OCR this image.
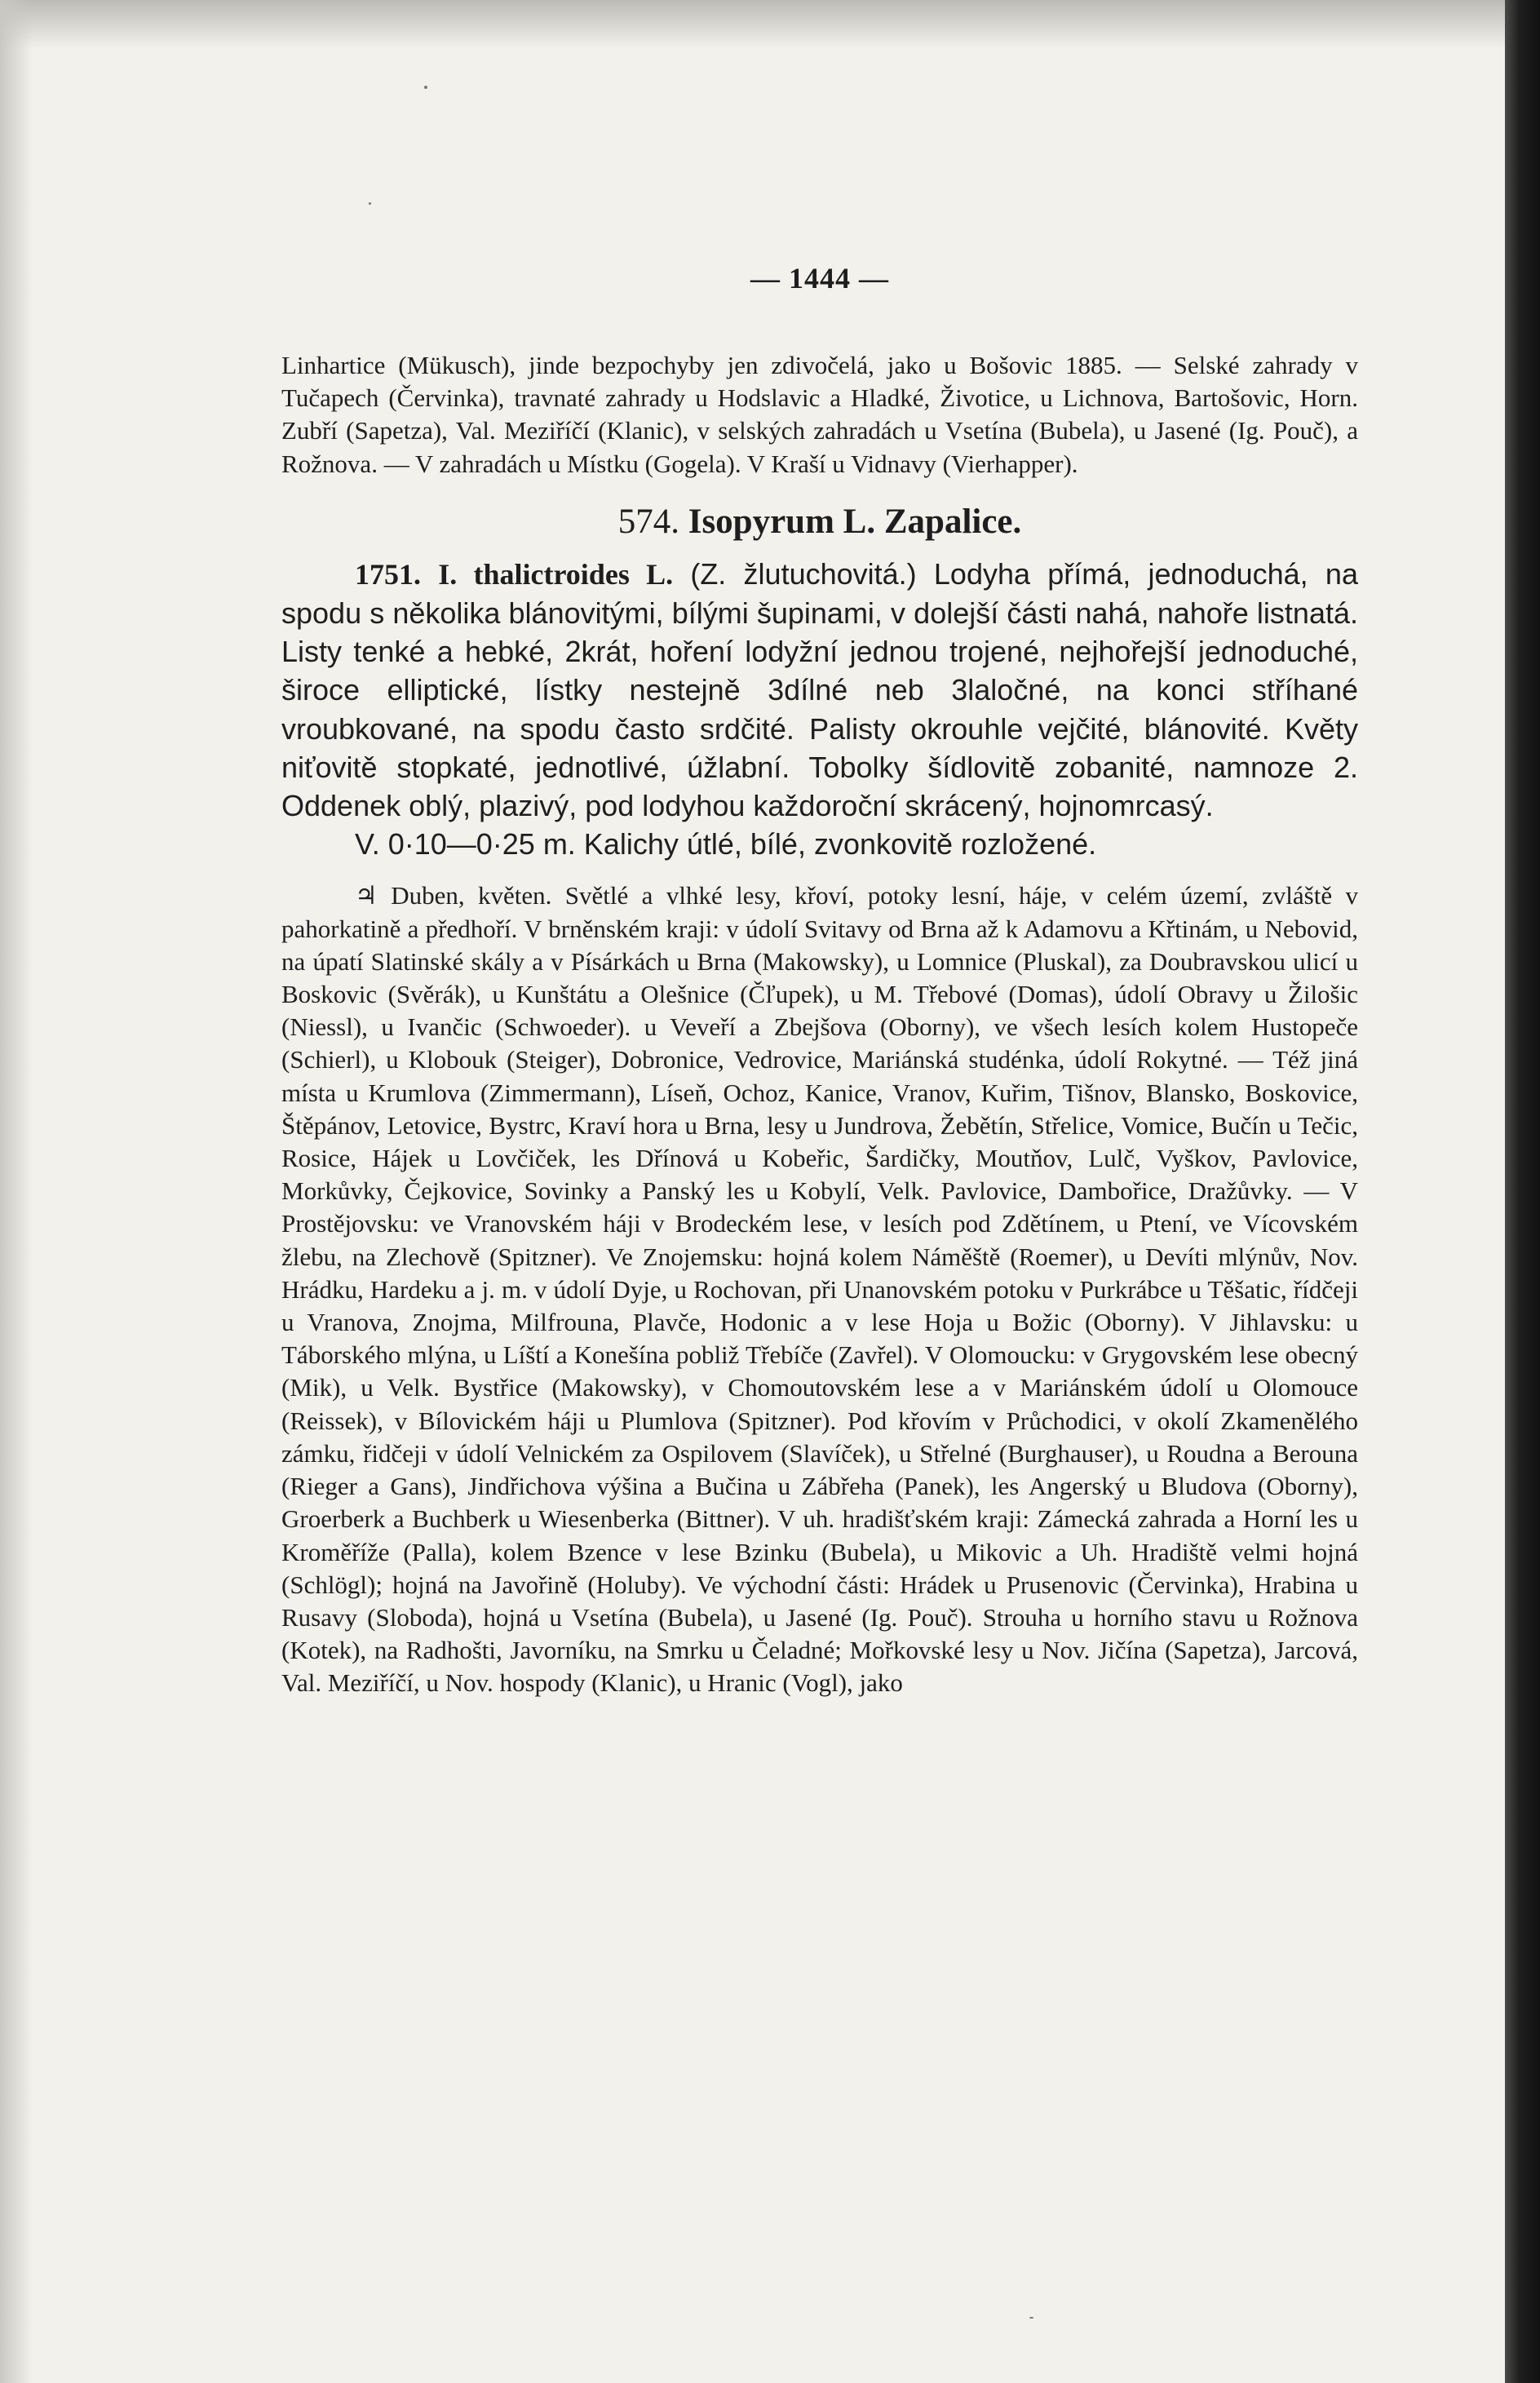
— 1444 —

Linhartice (Mükusch), jinde bezpochyby jen zdivočelá, jako u Bošovic 1885. — Selské zahrady v Tučapech (Červinka), travnaté zahrady u Hodslavic a Hladké, Životice, u Lichnova, Bartošovic, Horn. Zubří (Sapetza), Val. Meziříčí (Klanic), v selských zahradách u Vsetína (Bubela), u Jasené (Ig. Pouč), a Rožnova. — V zahradách u Místku (Gogela). V Kraší u Vidnavy (Vierhapper).

574. Isopyrum L. Zapalice.

1751. I. thalictroides L. (Z. žlutuchovitá.) Lodyha přímá, jednoduchá, na spodu s několika blánovitými, bílými šupinami, v dolejší části nahá, nahoře listnatá. Listy tenké a hebké, 2krát, hoření lodyžní jednou trojené, nejhořejší jednoduché, široce elliptické, lístky nestejně 3dílné neb 3laločné, na konci stříhané vroubkované, na spodu často srdčité. Palisty okrouhle vejčité, blánovité. Květy niťovitě stopkaté, jednotlivé, úžlabní. Tobolky šídlovitě zobanité, namnoze 2. Oddenek oblý, plazivý, pod lodyhou každoroční skrácený, hojnomrcasý.

V. 0·10—0·25 m. Kalichy útlé, bílé, zvonkovitě rozložené.

♃ Duben, květen. Světlé a vlhké lesy, křoví, potoky lesní, háje, v celém území, zvláště v pahorkatině a předhoří. V brněnském kraji: v údolí Svitavy od Brna až k Adamovu a Křtinám, u Nebovid, na úpatí Slatinské skály a v Písárkách u Brna (Makowsky), u Lomnice (Pluskal), za Doubravskou ulicí u Boskovic (Svěrák), u Kunštátu a Olešnice (Čľupek), u M. Třebové (Domas), údolí Obravy u Žilošic (Niessl), u Ivančic (Schwoeder). u Veveří a Zbejšova (Oborny), ve všech lesích kolem Hustopeče (Schierl), u Klobouk (Steiger), Dobronice, Vedrovice, Mariánská studénka, údolí Rokytné. — Též jiná místa u Krumlova (Zimmermann), Líseň, Ochoz, Kanice, Vranov, Kuřim, Tišnov, Blansko, Boskovice, Štěpánov, Letovice, Bystrc, Kraví hora u Brna, lesy u Jundrova, Žebětín, Střelice, Vomice, Bučín u Tečic, Rosice, Hájek u Lovčiček, les Dřínová u Kobeřic, Šardičky, Moutňov, Lulč, Vyškov, Pavlovice, Morkůvky, Čejkovice, Sovinky a Panský les u Kobylí, Velk. Pavlovice, Dambořice, Dražůvky. — V Prostějovsku: ve Vranovském háji v Brodeckém lese, v lesích pod Zdětínem, u Ptení, ve Vícovském žlebu, na Zlechově (Spitzner). Ve Znojemsku: hojná kolem Náměště (Roemer), u Devíti mlýnův, Nov. Hrádku, Hardeku a j. m. v údolí Dyje, u Rochovan, při Unanovském potoku v Purkrábce u Těšatic, řídčeji u Vranova, Znojma, Milfrouna, Plavče, Hodonic a v lese Hoja u Božic (Oborny). V Jihlavsku: u Táborského mlýna, u Líští a Konešína pobliž Třebíče (Zavřel). V Olomoucku: v Grygovském lese obecný (Mik), u Velk. Bystřice (Makowsky), v Chomoutovském lese a v Mariánském údolí u Olomouce (Reissek), v Bílovickém háji u Plumlova (Spitzner). Pod křovím v Průchodici, v okolí Zkamenělého zámku, řidčeji v údolí Velnickém za Ospilovem (Slavíček), u Střelné (Burghauser), u Roudna a Berouna (Rieger a Gans), Jindřichova výšina a Bučina u Zábřeha (Panek), les Angerský u Bludova (Oborny), Groerberk a Buchberk u Wiesenberka (Bittner). V uh. hradišťském kraji: Zámecká zahrada a Horní les u Kroměříže (Palla), kolem Bzence v lese Bzinku (Bubela), u Mikovic a Uh. Hradiště velmi hojná (Schlögl); hojná na Javořině (Holuby). Ve východní části: Hrádek u Prusenovic (Červinka), Hrabina u Rusavy (Sloboda), hojná u Vsetína (Bubela), u Jasené (Ig. Pouč). Strouha u horního stavu u Rožnova (Kotek), na Radhošti, Javorníku, na Smrku u Čeladné; Mořkovské lesy u Nov. Jičína (Sapetza), Jarcová, Val. Meziříčí, u Nov. hospody (Klanic), u Hranic (Vogl), jako
